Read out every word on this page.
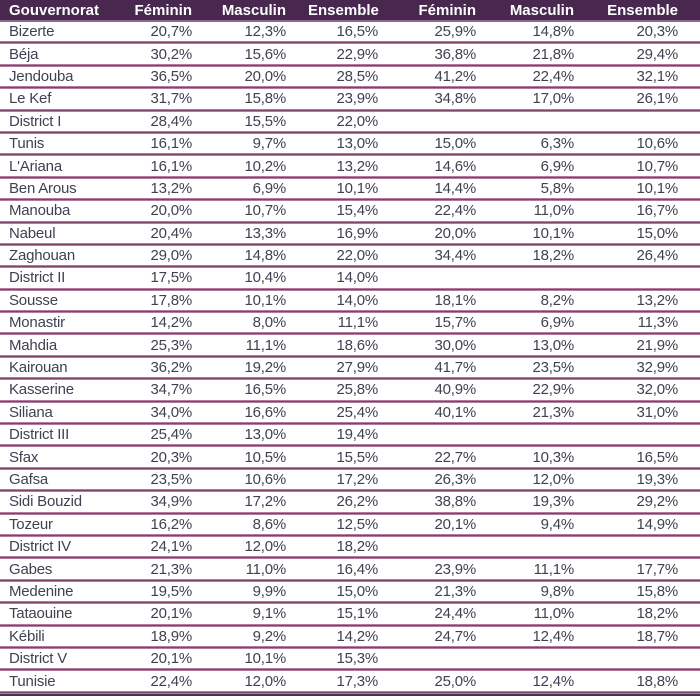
Gouvernorat	Féminin	Masculin	Ensemble	Féminin	Masculin	Ensemble
Bizerte	20,7%	12,3%	16,5%	25,9%	14,8%	20,3%
Béja	30,2%	15,6%	22,9%	36,8%	21,8%	29,4%
Jendouba	36,5%	20,0%	28,5%	41,2%	22,4%	32,1%
Le Kef	31,7%	15,8%	23,9%	34,8%	17,0%	26,1%
District I	28,4%	15,5%	22,0%
Tunis	16,1%	9,7%	13,0%	15,0%	6,3%	10,6%
L'Ariana	16,1%	10,2%	13,2%	14,6%	6,9%	10,7%
Ben Arous	13,2%	6,9%	10,1%	14,4%	5,8%	10,1%
Manouba	20,0%	10,7%	15,4%	22,4%	11,0%	16,7%
Nabeul	20,4%	13,3%	16,9%	20,0%	10,1%	15,0%
Zaghouan	29,0%	14,8%	22,0%	34,4%	18,2%	26,4%
District II	17,5%	10,4%	14,0%
Sousse	17,8%	10,1%	14,0%	18,1%	8,2%	13,2%
Monastir	14,2%	8,0%	11,1%	15,7%	6,9%	11,3%
Mahdia	25,3%	11,1%	18,6%	30,0%	13,0%	21,9%
Kairouan	36,2%	19,2%	27,9%	41,7%	23,5%	32,9%
Kasserine	34,7%	16,5%	25,8%	40,9%	22,9%	32,0%
Siliana	34,0%	16,6%	25,4%	40,1%	21,3%	31,0%
District III	25,4%	13,0%	19,4%
Sfax	20,3%	10,5%	15,5%	22,7%	10,3%	16,5%
Gafsa	23,5%	10,6%	17,2%	26,3%	12,0%	19,3%
Sidi Bouzid	34,9%	17,2%	26,2%	38,8%	19,3%	29,2%
Tozeur	16,2%	8,6%	12,5%	20,1%	9,4%	14,9%
District IV	24,1%	12,0%	18,2%
Gabes	21,3%	11,0%	16,4%	23,9%	11,1%	17,7%
Medenine	19,5%	9,9%	15,0%	21,3%	9,8%	15,8%
Tataouine	20,1%	9,1%	15,1%	24,4%	11,0%	18,2%
Kébili	18,9%	9,2%	14,2%	24,7%	12,4%	18,7%
District V	20,1%	10,1%	15,3%
Tunisie	22,4%	12,0%	17,3%	25,0%	12,4%	18,8%
